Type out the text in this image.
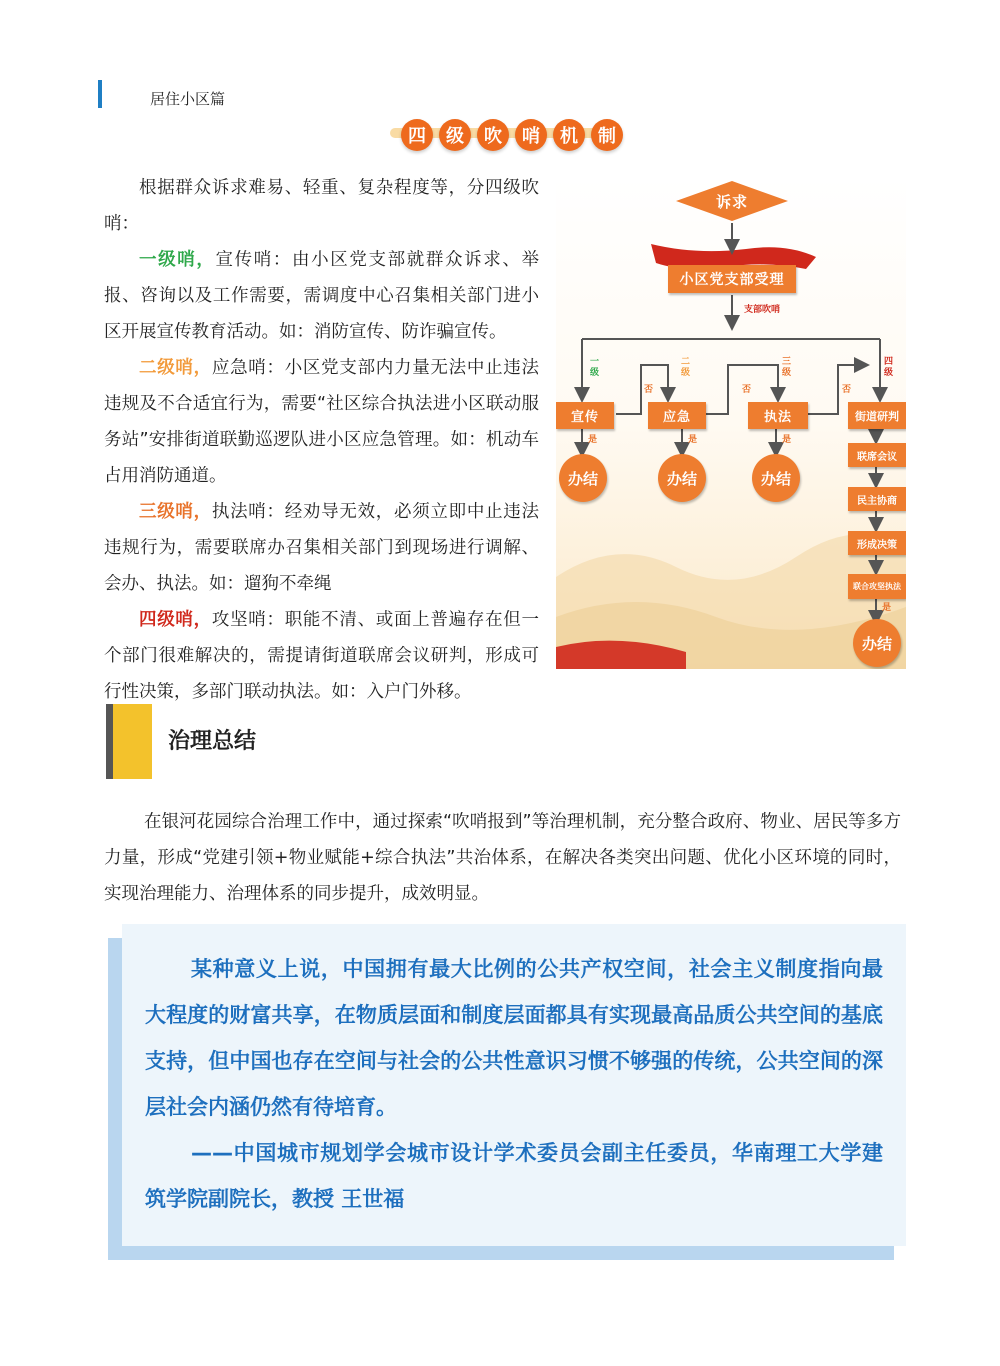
居住小区篇
四	级	吹	哨	机	制

根据群众诉求难易、轻重、复杂程度等，分四级吹哨：

一级哨，宣传哨：由小区党支部就群众诉求、举报、咨询以及工作需要，需调度中心召集相关部门进小区开展宣传教育活动。如：消防宣传、防诈骗宣传。

二级哨，应急哨：小区党支部内力量无法中止违法违规及不合适宜行为，需要“社区综合执法进小区联动服务站”安排街道联勤巡逻队进小区应急管理。如：机动车占用消防通道。

三级哨，执法哨：经劝导无效，必须立即中止违法违规行为，需要联席办召集相关部门到现场进行调解、会办、执法。如：遛狗不牵绳

四级哨，攻坚哨：职能不清、或面上普遍存在但一个部门很难解决的，需提请街道联席会议研判，形成可行性决策，多部门联动执法。如：入户门外移。

诉求
小区党支部受理
支部吹哨
一级
二级
三级
四级
否	否	否
宣传	应急	执法	街道研判
是	是	是
办结	办结	办结
联席会议
民主协商
形成决策
联合攻坚执法
是
办结
治理总结

在银河花园综合治理工作中，通过探索“吹哨报到”等治理机制，充分整合政府、物业、居民等多方力量，形成“党建引领+物业赋能+综合执法”共治体系，在解决各类突出问题、优化小区环境的同时，实现治理能力、治理体系的同步提升，成效明显。

某种意义上说，中国拥有最大比例的公共产权空间，社会主义制度指向最大程度的财富共享，在物质层面和制度层面都具有实现最高品质公共空间的基底支持，但中国也存在空间与社会的公共性意识习惯不够强的传统，公共空间的深层社会内涵仍然有待培育。

——中国城市规划学会城市设计学术委员会副主任委员，华南理工大学建筑学院副院长，教授 王世福
